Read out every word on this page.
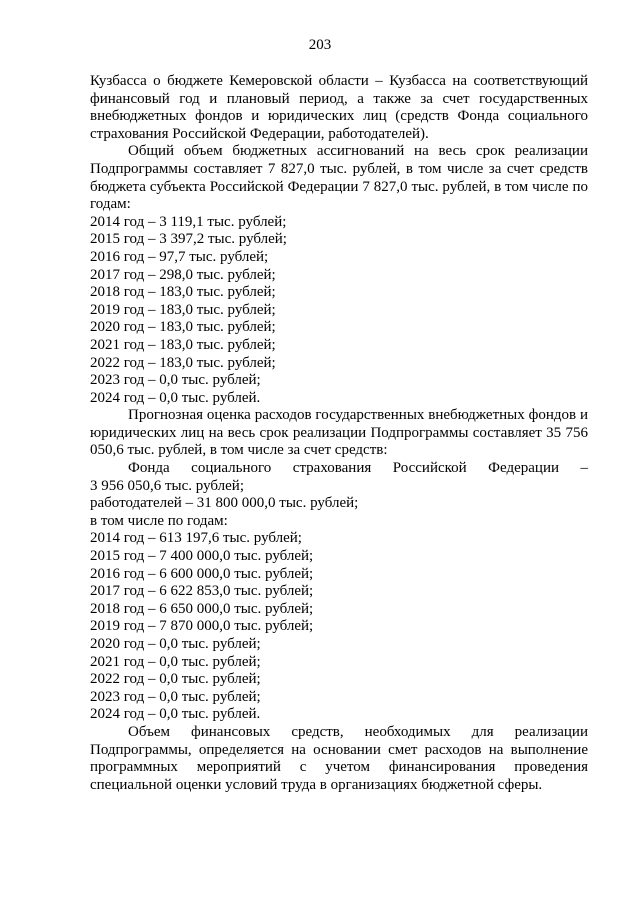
203

Кузбасса о бюджете Кемеровской области – Кузбасса на соответствующий финансовый год и плановый период, а также за счет государственных внебюджетных фондов и юридических лиц (средств Фонда социального страхования Российской Федерации, работодателей).

Общий объем бюджетных ассигнований на весь срок реализации Подпрограммы составляет 7 827,0 тыс. рублей, в том числе за счет средств бюджета субъекта Российской Федерации 7 827,0 тыс. рублей, в том числе по годам:

2014 год – 3 119,1 тыс. рублей;

2015 год – 3 397,2 тыс. рублей;

2016 год – 97,7 тыс. рублей;

2017 год – 298,0 тыс. рублей;

2018 год – 183,0 тыс. рублей;

2019 год – 183,0 тыс. рублей;

2020 год – 183,0 тыс. рублей;

2021 год – 183,0 тыс. рублей;

2022 год – 183,0 тыс. рублей;

2023 год – 0,0 тыс. рублей;

2024 год – 0,0 тыс. рублей.

Прогнозная оценка расходов государственных внебюджетных фондов и юридических лиц на весь срок реализации Подпрограммы составляет 35 756 050,6 тыс. рублей, в том числе за счет средств:

Фонда социального страхования Российской Федерации –

3 956 050,6 тыс. рублей;

работодателей – 31 800 000,0 тыс. рублей;

в том числе по годам:

2014 год – 613 197,6 тыс. рублей;

2015 год – 7 400 000,0 тыс. рублей;

2016 год – 6 600 000,0 тыс. рублей;

2017 год – 6 622 853,0 тыс. рублей;

2018 год – 6 650 000,0 тыс. рублей;

2019 год – 7 870 000,0 тыс. рублей;

2020 год – 0,0 тыс. рублей;

2021 год – 0,0 тыс. рублей;

2022 год – 0,0 тыс. рублей;

2023 год – 0,0 тыс. рублей;

2024 год – 0,0 тыс. рублей.

Объем финансовых средств, необходимых для реализации Подпрограммы, определяется на основании смет расходов на выполнение программных мероприятий с учетом финансирования проведения специальной оценки условий труда в организациях бюджетной сферы.
